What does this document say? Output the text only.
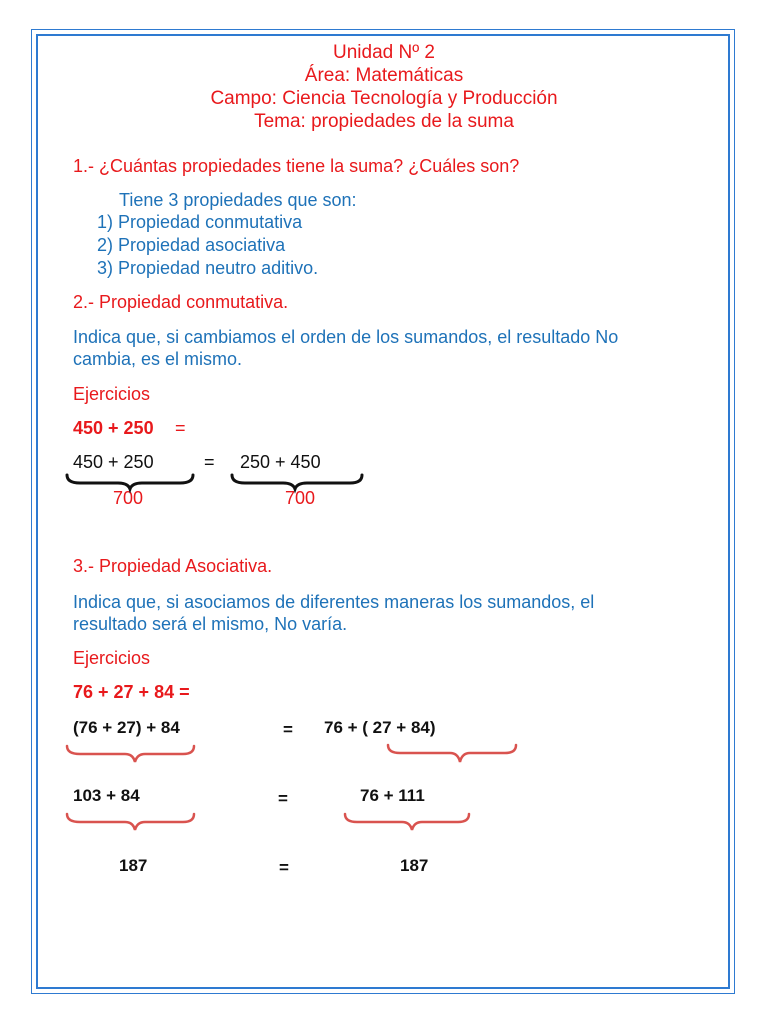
Unidad Nº 2
Área: Matemáticas
Campo: Ciencia Tecnología y Producción
Tema: propiedades de la suma
1.- ¿Cuántas propiedades tiene la suma? ¿Cuáles son?
Tiene 3 propiedades que son:
1) Propiedad conmutativa
2) Propiedad asociativa
3) Propiedad neutro aditivo.
2.- Propiedad conmutativa.
Indica que, si cambiamos el orden de los sumandos, el resultado No
cambia, es el mismo.
Ejercicios
450 + 250 =
450 + 250	= 250 + 450
700	700
3.- Propiedad Asociativa.
Indica que, si asociamos de diferentes maneras los sumandos, el
resultado será el mismo, No varía.
Ejercicios
76 + 27 + 84 =
(76 + 27) + 84	= 76 + ( 27 + 84)
103 + 84	=	76 + 111
187	=	187
